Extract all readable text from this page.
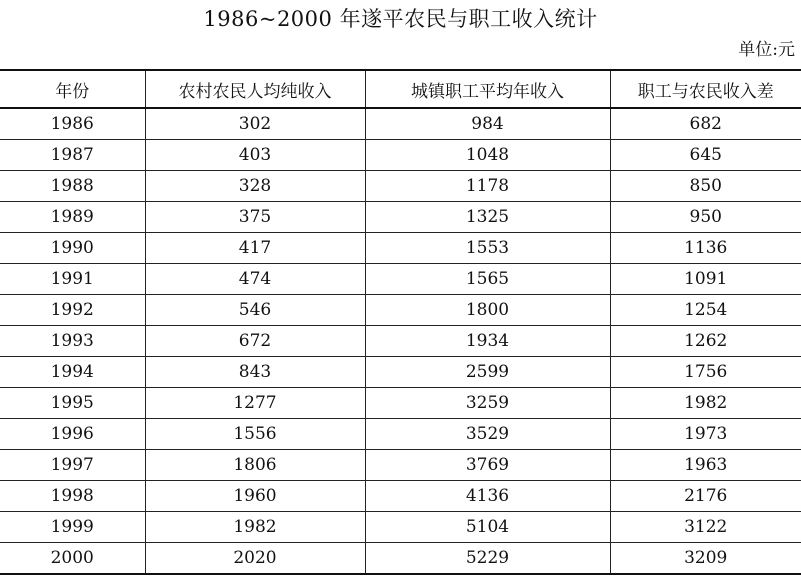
1986~2000 年遂平农民与职工收入统计
单位:元
年份	农村农民人均纯收入	城镇职工平均年收入	职工与农民收入差
1986	302	984	682
1987	403	1048	645
1988	328	1178	850
1989	375	1325	950
1990	417	1553	1136
1991	474	1565	1091
1992	546	1800	1254
1993	672	1934	1262
1994	843	2599	1756
1995	1277	3259	1982
1996	1556	3529	1973
1997	1806	3769	1963
1998	1960	4136	2176
1999	1982	5104	3122
2000	2020	5229	3209
